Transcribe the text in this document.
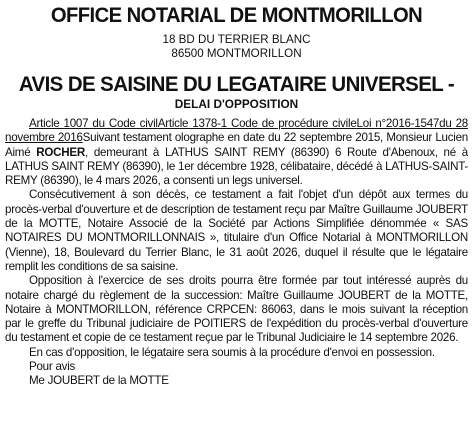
OFFICE NOTARIAL DE MONTMORILLON
18 BD DU TERRIER BLANC
86500 MONTMORILLON
AVIS DE SAISINE DU LEGATAIRE UNIVERSEL -
DELAI D'OPPOSITION

Article 1007 du Code civilArticle 1378-1 Code de procédure civileLoi n°2016-1547du 28 novembre 2016Suivant testament olographe en date du 22 septembre 2015, Monsieur Lucien Aimé ROCHER, demeurant à LATHUS SAINT REMY (86390) 6 Route d'Abenoux, né à LATHUS SAINT REMY (86390), le 1er décembre 1928, célibataire, décédé à LATHUS-SAINT-REMY (86390), le 4 mars 2026, a consenti un legs universel.

Consécutivement à son décès, ce testament a fait l'objet d'un dépôt aux termes du procès-verbal d'ouverture et de description de testament reçu par Maître Guillaume JOUBERT de la MOTTE, Notaire Associé de la Société par Actions Simplifiée dénommée « SAS NOTAIRES DU MONTMORILLONNAIS », titulaire d'un Office Notarial à MONTMORILLON (Vienne), 18, Boulevard du Terrier Blanc, le 31 août 2026, duquel il résulte que le légataire remplit les conditions de sa saisine.

Opposition à l'exercice de ses droits pourra être formée par tout intéressé auprès du notaire chargé du règlement de la succession: Maître Guillaume JOUBERT de la MOTTE, Notaire à MONTMORILLON, référence CRPCEN: 86063, dans le mois suivant la réception par le greffe du Tribunal judiciaire de POITIERS de l'expédition du procès-verbal d'ouverture du testament et copie de ce testament reçue par le Tribunal Judiciaire le 14 septembre 2026.

En cas d'opposition, le légataire sera soumis à la procédure d'envoi en possession.

Pour avis

Me JOUBERT de la MOTTE
